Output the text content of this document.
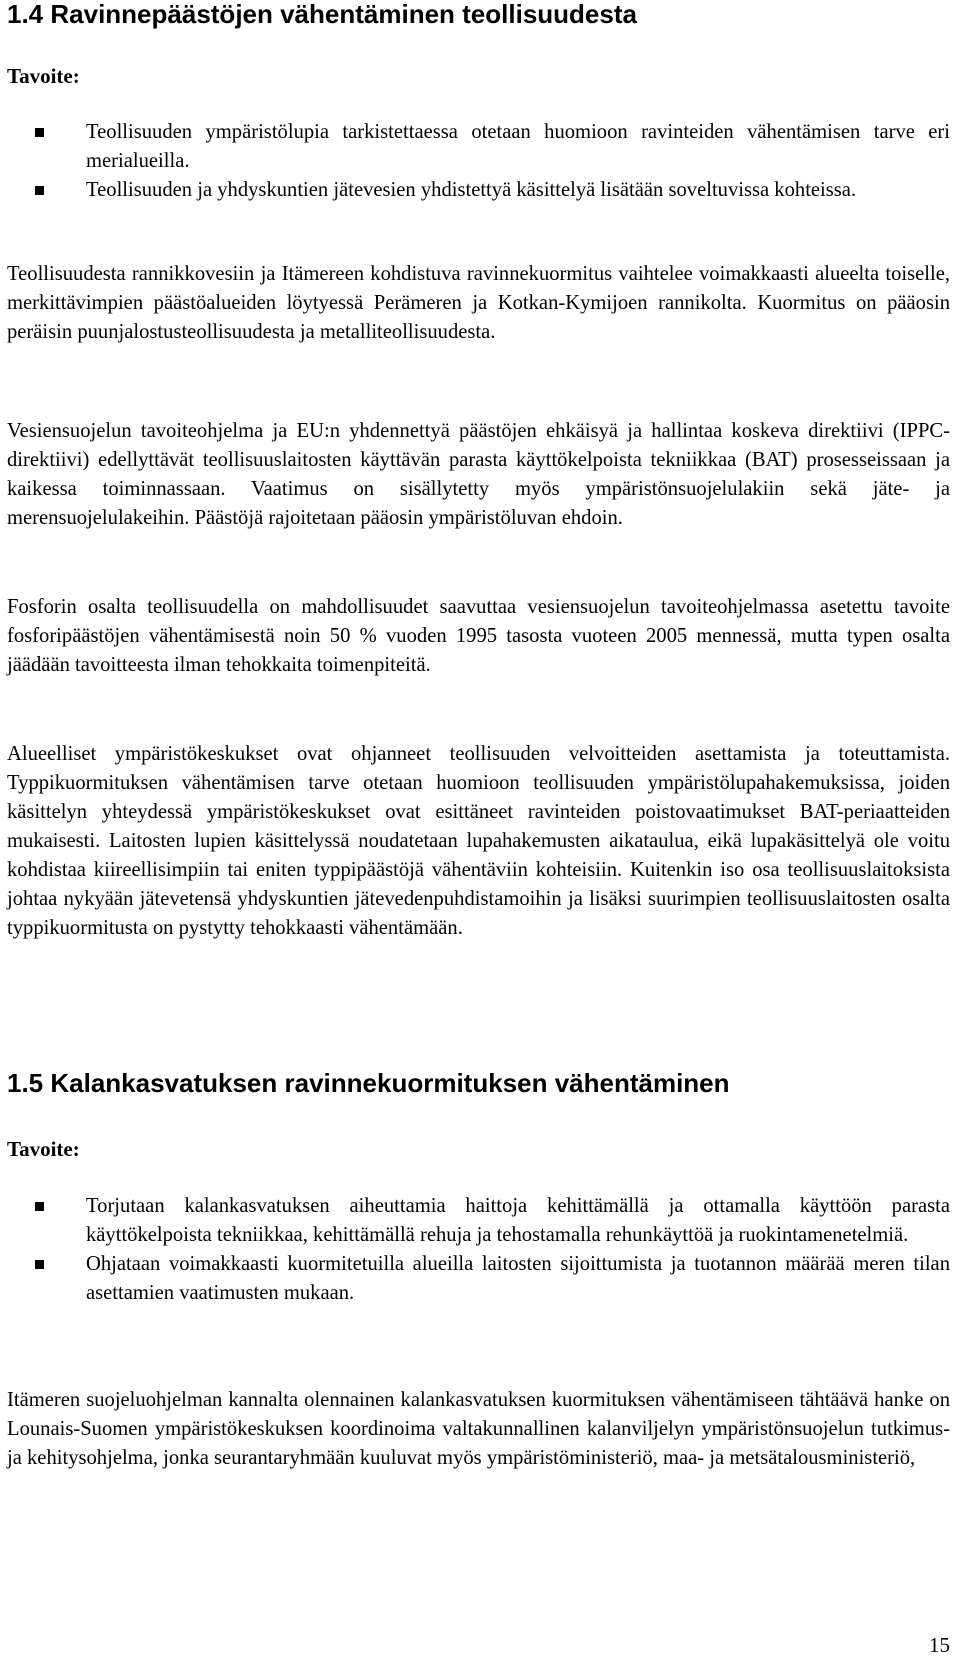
1.4 Ravinnepäästöjen vähentäminen teollisuudesta
Tavoite:
Teollisuuden ympäristölupia tarkistettaessa otetaan huomioon ravinteiden vähentämisen tarve eri merialueilla.
Teollisuuden ja yhdyskuntien jätevesien yhdistettyä käsittelyä lisätään soveltuvissa kohteissa.

Teollisuudesta rannikkovesiin ja Itämereen kohdistuva ravinnekuormitus vaihtelee voimakkaasti alueelta toiselle, merkittävimpien päästöalueiden löytyessä Perämeren ja Kotkan-Kymijoen rannikolta. Kuormitus on pääosin peräisin puunjalostusteollisuudesta ja metalliteollisuudesta.

Vesiensuojelun tavoiteohjelma ja EU:n yhdennettyä päästöjen ehkäisyä ja hallintaa koskeva direktiivi (IPPC-direktiivi) edellyttävät teollisuuslaitosten käyttävän parasta käyttökelpoista tekniikkaa (BAT) prosesseissaan ja kaikessa toiminnassaan. Vaatimus on sisällytetty myös ympäristönsuojelulakiin sekä jäte- ja merensuojelulakeihin. Päästöjä rajoitetaan pääosin ympäristöluvan ehdoin.

Fosforin osalta teollisuudella on mahdollisuudet saavuttaa vesiensuojelun tavoiteohjelmassa asetettu tavoite fosforipäästöjen vähentämisestä noin 50 % vuoden 1995 tasosta vuoteen 2005 mennessä, mutta typen osalta jäädään tavoitteesta ilman tehokkaita toimenpiteitä.

Alueelliset ympäristökeskukset ovat ohjanneet teollisuuden velvoitteiden asettamista ja toteuttamista. Typpikuormituksen vähentämisen tarve otetaan huomioon teollisuuden ympäristölupahakemuksissa, joiden käsittelyn yhteydessä ympäristökeskukset ovat esittäneet ravinteiden poistovaatimukset BAT-periaatteiden mukaisesti. Laitosten lupien käsittelyssä noudatetaan lupahakemusten aikataulua, eikä lupakäsittelyä ole voitu kohdistaa kiireellisimpiin tai eniten typpipäästöjä vähentäviin kohteisiin. Kuitenkin iso osa teollisuuslaitoksista johtaa nykyään jätevetensä yhdyskuntien jätevedenpuhdistamoihin ja lisäksi suurimpien teollisuuslaitosten osalta typpikuormitusta on pystytty tehokkaasti vähentämään.

1.5 Kalankasvatuksen ravinnekuormituksen vähentäminen
Tavoite:
Torjutaan kalankasvatuksen aiheuttamia haittoja kehittämällä ja ottamalla käyttöön parasta käyttökelpoista tekniikkaa, kehittämällä rehuja ja tehostamalla rehunkäyttöä ja ruokintamenetelmiä.
Ohjataan voimakkaasti kuormitetuilla alueilla laitosten sijoittumista ja tuotannon määrää meren tilan asettamien vaatimusten mukaan.

Itämeren suojeluohjelman kannalta olennainen kalankasvatuksen kuormituksen vähentämiseen tähtäävä hanke on Lounais-Suomen ympäristökeskuksen koordinoima valtakunnallinen kalanviljelyn ympäristönsuojelun tutkimus- ja kehitysohjelma, jonka seurantaryhmään kuuluvat myös ympäristöministeriö, maa- ja metsätalousministeriö,

15
